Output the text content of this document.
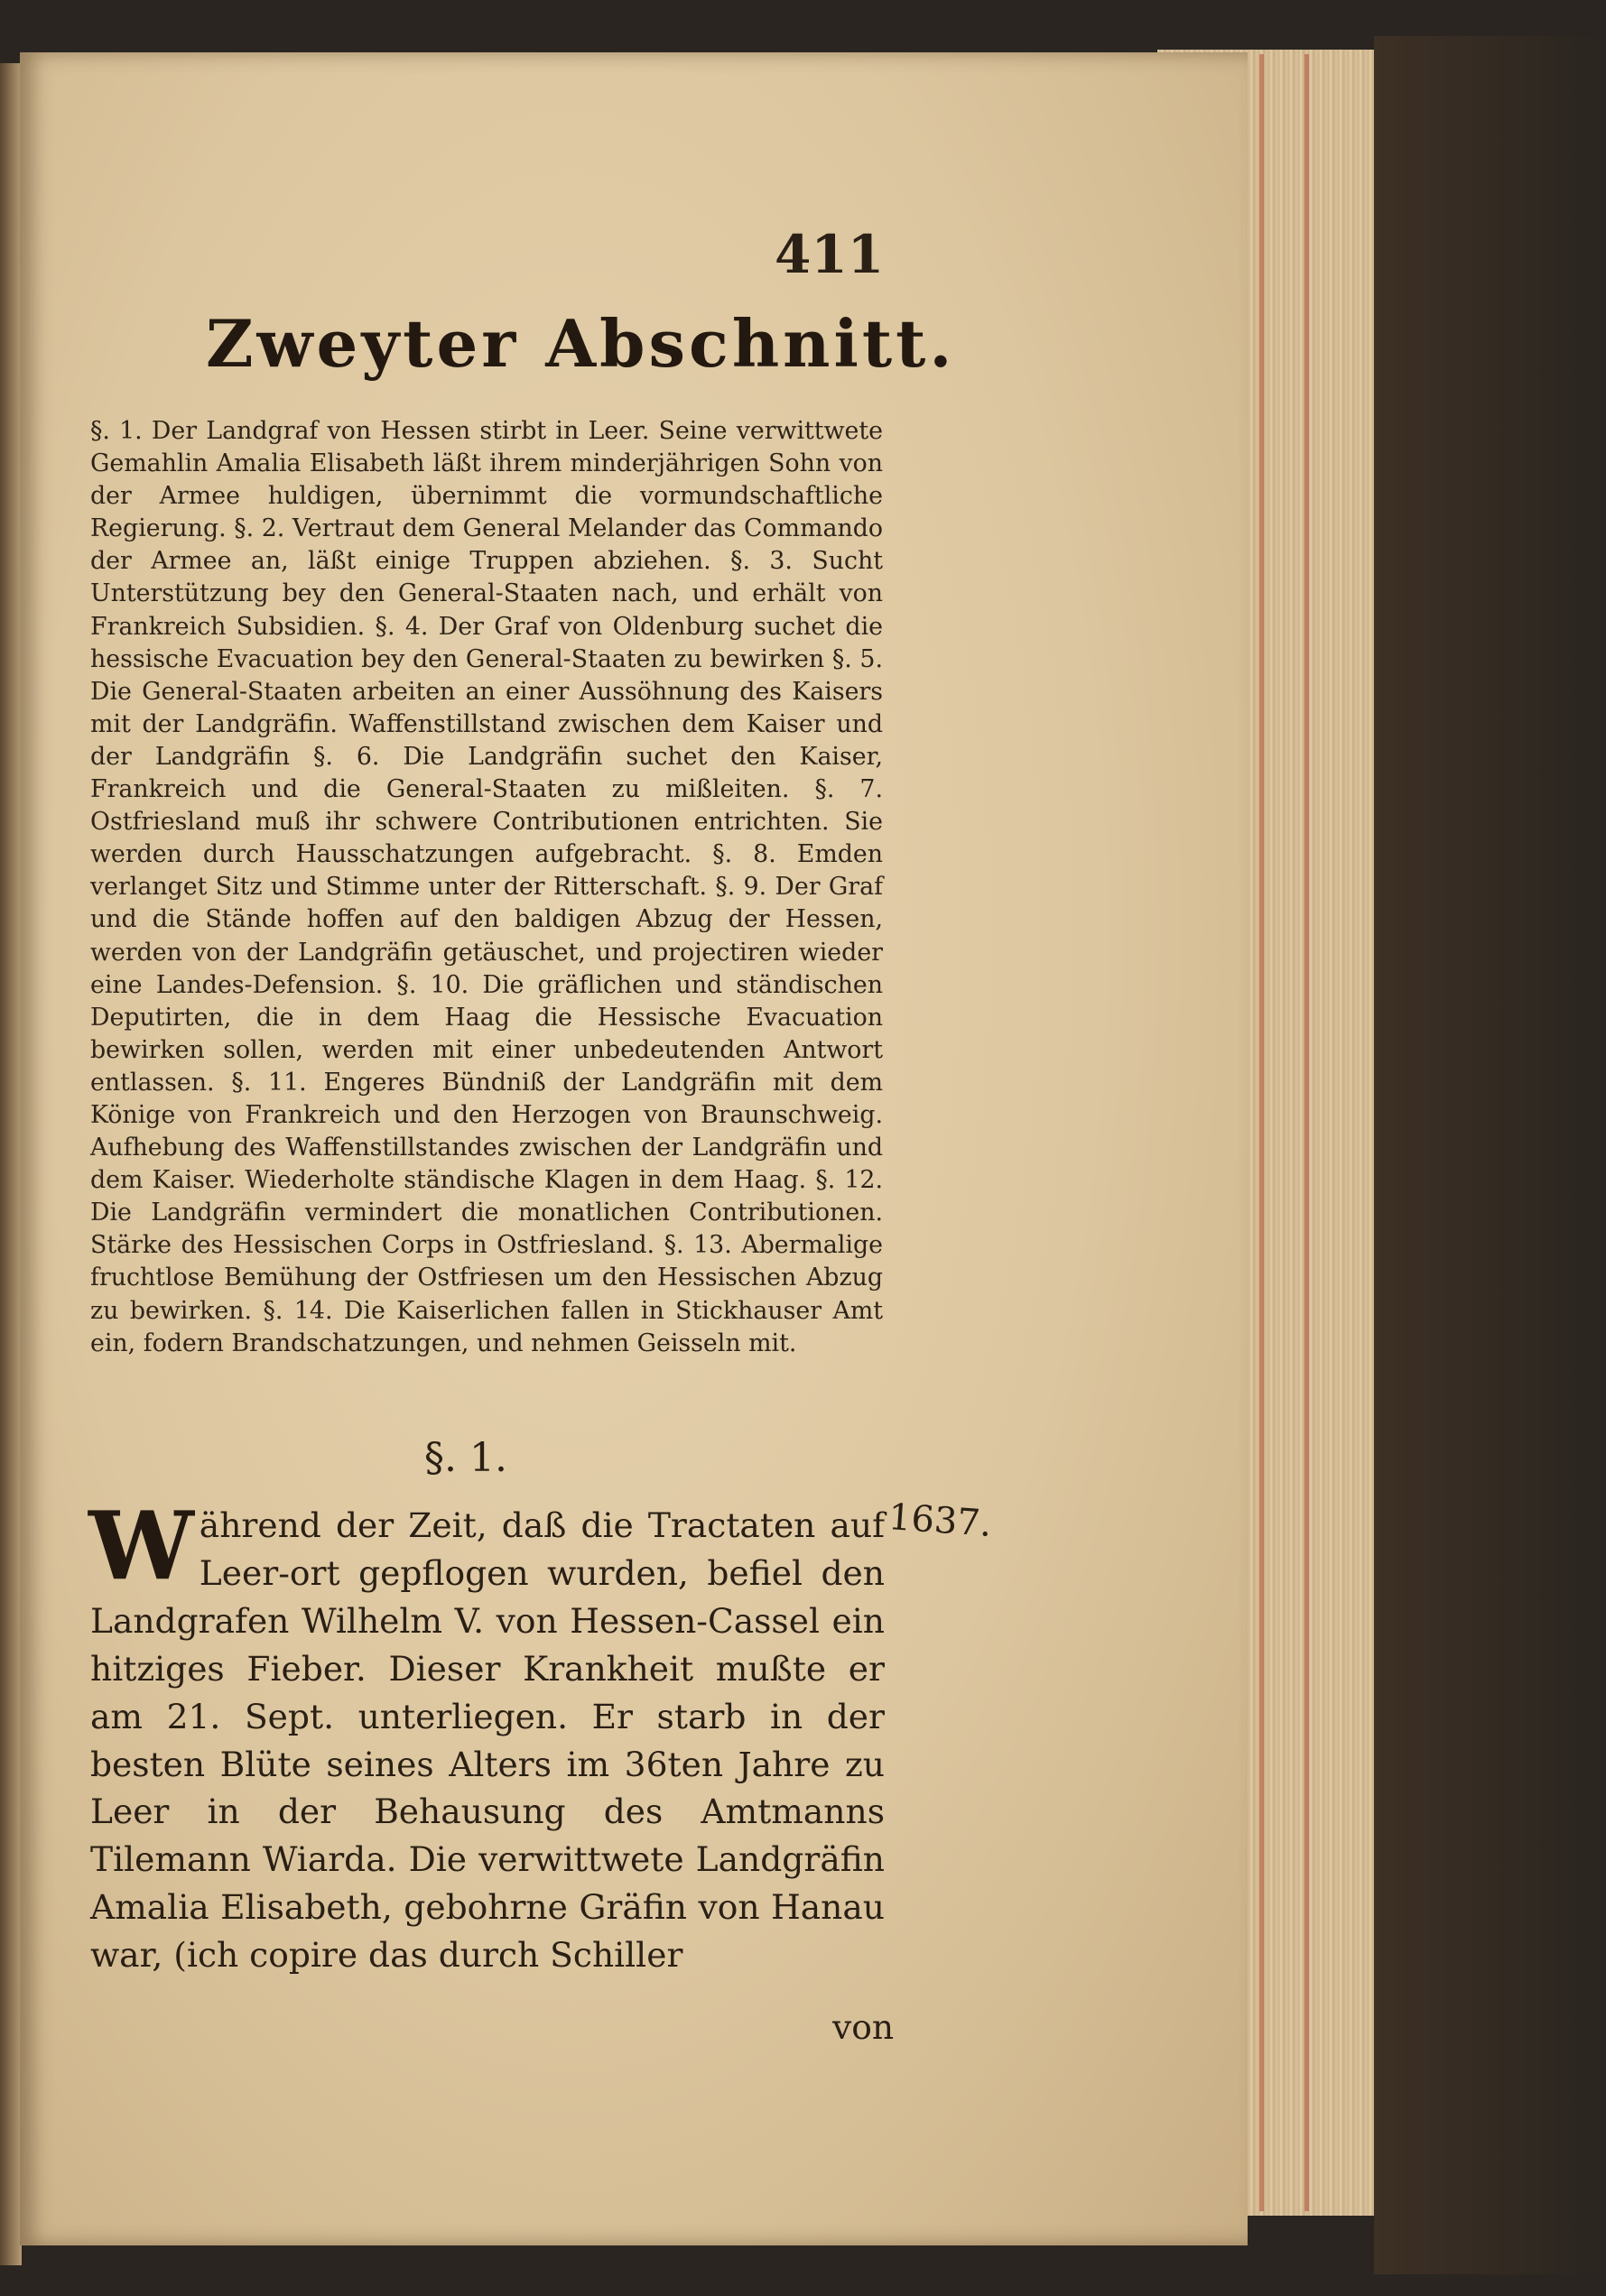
411

Zweyter Abschnitt.

§. 1. Der Landgraf von Hessen stirbt in Leer. Seine verwittwete Gemahlin Amalia Elisabeth läßt ihrem minderjährigen Sohn von der Armee huldigen, übernimmt die vormundschaftliche Regierung. §. 2. Vertraut dem General Melander das Commando der Armee an, läßt einige Truppen abziehen. §. 3. Sucht Unterstützung bey den General-Staaten nach, und erhält von Frankreich Subsidien. §. 4. Der Graf von Oldenburg suchet die hessische Evacuation bey den General-Staaten zu bewirken §. 5. Die General-Staaten arbeiten an einer Aussöhnung des Kaisers mit der Landgräfin. Waffenstillstand zwischen dem Kaiser und der Landgräfin §. 6. Die Landgräfin suchet den Kaiser, Frankreich und die General-Staaten zu mißleiten. §. 7. Ostfriesland muß ihr schwere Contributionen entrichten. Sie werden durch Hausschatzungen aufgebracht. §. 8. Emden verlanget Sitz und Stimme unter der Ritterschaft. §. 9. Der Graf und die Stände hoffen auf den baldigen Abzug der Hessen, werden von der Landgräfin getäuschet, und projectiren wieder eine Landes-Defension. §. 10. Die gräflichen und ständischen Deputirten, die in dem Haag die Hessische Evacuation bewirken sollen, werden mit einer unbedeutenden Antwort entlassen. §. 11. Engeres Bündniß der Landgräfin mit dem Könige von Frankreich und den Herzogen von Braunschweig. Aufhebung des Waffenstillstandes zwischen der Landgräfin und dem Kaiser. Wiederholte ständische Klagen in dem Haag. §. 12. Die Landgräfin vermindert die monatlichen Contributionen. Stärke des Hessischen Corps in Ostfriesland. §. 13. Abermalige fruchtlose Bemühung der Ostfriesen um den Hessischen Abzug zu bewirken. §. 14. Die Kaiserlichen fallen in Stickhauser Amt ein, fodern Brandschatzungen, und nehmen Geisseln mit.

§. 1.

Während der Zeit, daß die Tractaten auf Leer-ort gepflogen wurden, befiel den Landgrafen Wilhelm V. von Hessen-Cassel ein hitziges Fieber. Dieser Krankheit mußte er am 21. Sept. unterliegen. Er starb in der besten Blüte seines Alters im 36ten Jahre zu Leer in der Behausung des Amtmanns Tilemann Wiarda. Die verwittwete Landgräfin Amalia Elisabeth, gebohrne Gräfin von Hanau war, (ich copire das durch Schiller

von

1637.
